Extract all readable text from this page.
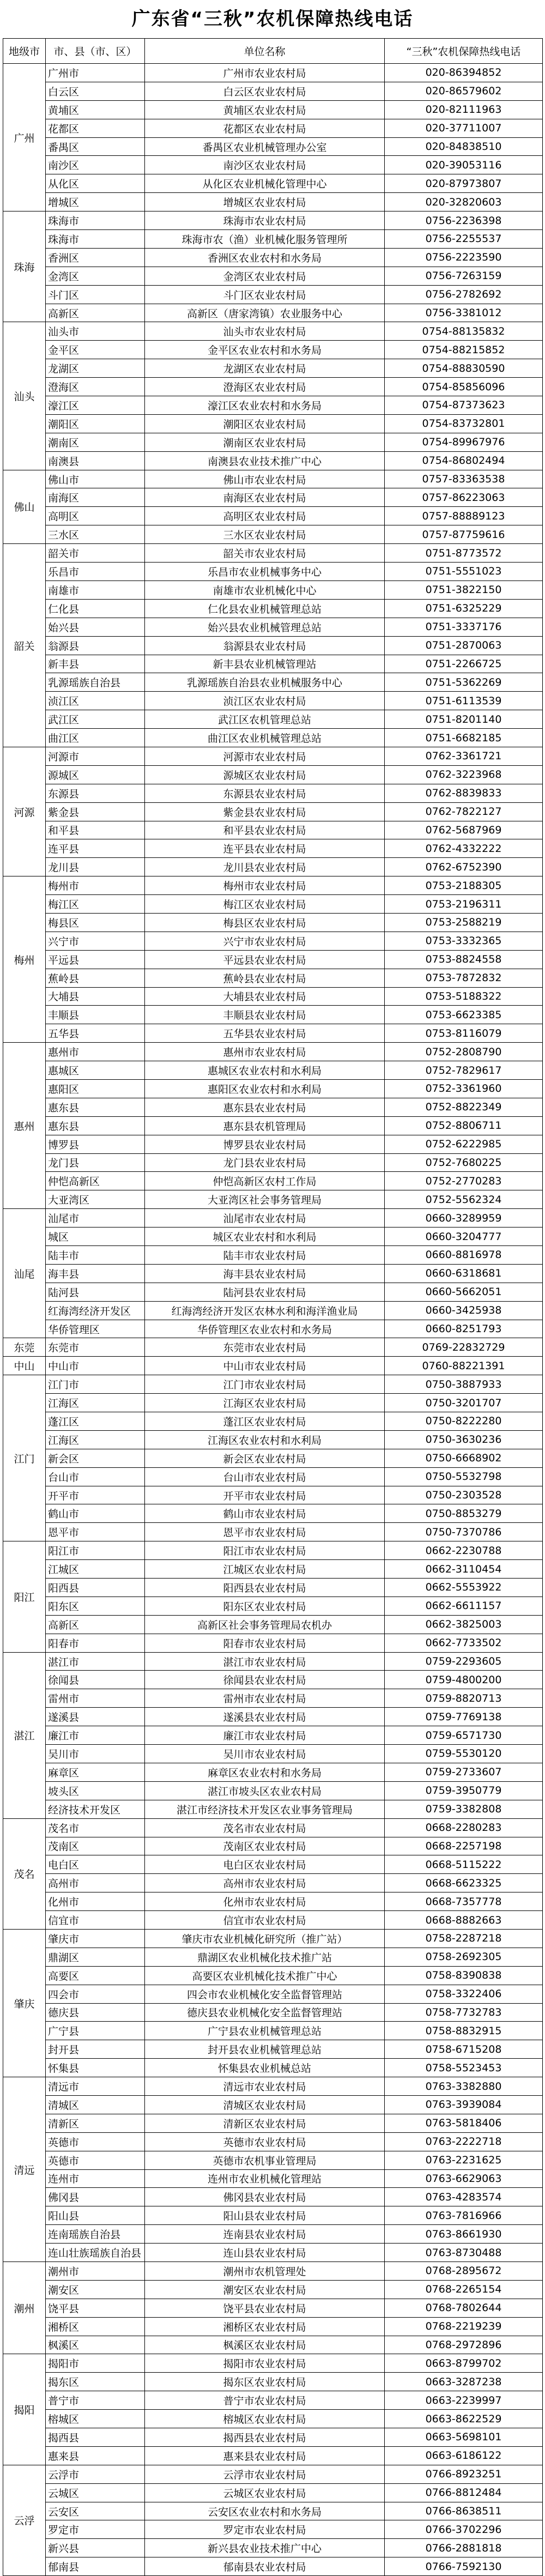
广东省“三秋”农机保障热线电话
地级市	市、县（市、区）	单位名称	“三秋”农机保障热线电话
广州	广州市	广州市农业农村局	020-86394852
	白云区	白云区农业农村局	020-86579602
	黄埔区	黄埔区农业农村局	020-82111963
	花都区	花都区农业农村局	020-37711007
	番禺区	番禺区农业机械管理办公室	020-84838510
	南沙区	南沙区农业农村局	020-39053116
	从化区	从化区农业机械化管理中心	020-87973807
	增城区	增城区农业农村局	020-32820603
珠海	珠海市	珠海市农业农村局	0756-2236398
	珠海市	珠海市农（渔）业机械化服务管理所	0756-2255537
	香洲区	香洲区农业农村和水务局	0756-2223590
	金湾区	金湾区农业农村局	0756-7263159
	斗门区	斗门区农业农村局	0756-2782692
	高新区	高新区（唐家湾镇）农业服务中心	0756-3381012
汕头	汕头市	汕头市农业农村局	0754-88135832
	金平区	金平区农业农村和水务局	0754-88215852
	龙湖区	龙湖区农业农村局	0754-88830590
	澄海区	澄海区农业农村局	0754-85856096
	濠江区	濠江区农业农村和水务局	0754-87373623
	潮阳区	潮阳区农业农村局	0754-83732801
	潮南区	潮南区农业农村局	0754-89967976
	南澳县	南澳县农业技术推广中心	0754-86802494
佛山	佛山市	佛山市农业农村局	0757-83363538
	南海区	南海区农业农村局	0757-86223063
	高明区	高明区农业农村局	0757-88889123
	三水区	三水区农业农村局	0757-87759616
韶关	韶关市	韶关市农业农村局	0751-8773572
	乐昌市	乐昌市农业机械事务中心	0751-5551023
	南雄市	南雄市农业机械化中心	0751-3822150
	仁化县	仁化县农业机械管理总站	0751-6325229
	始兴县	始兴县农业机械管理总站	0751-3337176
	翁源县	翁源县农业农村局	0751-2870063
	新丰县	新丰县农业机械管理站	0751-2266725
	乳源瑶族自治县	乳源瑶族自治县农业机械服务中心	0751-5362269
	浈江区	浈江区农业农村局	0751-6113539
	武江区	武江区农机管理总站	0751-8201140
	曲江区	曲江区农业机械管理总站	0751-6682185
河源	河源市	河源市农业农村局	0762-3361721
	源城区	源城区农业农村局	0762-3223968
	东源县	东源县农业农村局	0762-8839833
	紫金县	紫金县农业农村局	0762-7822127
	和平县	和平县农业农村局	0762-5687969
	连平县	连平县农业农村局	0762-4332222
	龙川县	龙川县农业农村局	0762-6752390
梅州	梅州市	梅州市农业农村局	0753-2188305
	梅江区	梅江区农业农村局	0753-2196311
	梅县区	梅县区农业农村局	0753-2588219
	兴宁市	兴宁市农业农村局	0753-3332365
	平远县	平远县农业农村局	0753-8824558
	蕉岭县	蕉岭县农业农村局	0753-7872832
	大埔县	大埔县农业农村局	0753-5188322
	丰顺县	丰顺县农业农村局	0753-6623385
	五华县	五华县农业农村局	0753-8116079
惠州	惠州市	惠州市农业农村局	0752-2808790
	惠城区	惠城区农业农村和水利局	0752-7829617
	惠阳区	惠阳区农业农村和水利局	0752-3361960
	惠东县	惠东县农业农村局	0752-8822349
	惠东县	惠东县农机管理局	0752-8806711
	博罗县	博罗县农业农村局	0752-6222985
	龙门县	龙门县农业农村局	0752-7680225
	仲恺高新区	仲恺高新区农村工作局	0752-2770283
	大亚湾区	大亚湾区社会事务管理局	0752-5562324
汕尾	汕尾市	汕尾市农业农村局	0660-3289959
	城区	城区农业农村和水利局	0660-3204777
	陆丰市	陆丰市农业农村局	0660-8816978
	海丰县	海丰县农业农村局	0660-6318681
	陆河县	陆河县农业农村局	0660-5662051
	红海湾经济开发区	红海湾经济开发区农林水利和海洋渔业局	0660-3425938
	华侨管理区	华侨管理区农业农村和水务局	0660-8251793
东莞	东莞市	东莞市农业农村局	0769-22832729
中山	中山市	中山市农业农村局	0760-88221391
江门	江门市	江门市农业农村局	0750-3887933
	江海区	江海区农业农村局	0750-3201707
	蓬江区	蓬江区农业农村局	0750-8222280
	江海区	江海区农业农村和水利局	0750-3630236
	新会区	新会区农业农村局	0750-6668902
	台山市	台山市农业农村局	0750-5532798
	开平市	开平市农业农村局	0750-2303528
	鹤山市	鹤山市农业农村局	0750-8853279
	恩平市	恩平市农业农村局	0750-7370786
阳江	阳江市	阳江市农业农村局	0662-2230788
	江城区	江城区农业农村局	0662-3110454
	阳西县	阳西县农业农村局	0662-5553922
	阳东区	阳东区农业农村局	0662-6611157
	高新区	高新区社会事务管理局农机办	0662-3825003
	阳春市	阳春市农业农村局	0662-7733502
湛江	湛江市	湛江市农业农村局	0759-2293605
	徐闻县	徐闻县农业农村局	0759-4800200
	雷州市	雷州市农业农村局	0759-8820713
	遂溪县	遂溪县农业农村局	0759-7769138
	廉江市	廉江市农业农村局	0759-6571730
	吴川市	吴川市农业农村局	0759-5530120
	麻章区	麻章区农业农村和水务局	0759-2733607
	坡头区	湛江市坡头区农业农村局	0759-3950779
	经济技术开发区	湛江市经济技术开发区农业事务管理局	0759-3382808
茂名	茂名市	茂名市农业农村局	0668-2280283
	茂南区	茂南区农业农村局	0668-2257198
	电白区	电白区农业农村局	0668-5115222
	高州市	高州市农业农村局	0668-6623325
	化州市	化州市农业农村局	0668-7357778
	信宜市	信宜市农业农村局	0668-8882663
肇庆	肇庆市	肇庆市农业机械化研究所（推广站）	0758-2287218
	鼎湖区	鼎湖区农业机械化技术推广站	0758-2692305
	高要区	高要区农业机械化技术推广中心	0758-8390838
	四会市	四会市农业机械化安全监督管理站	0758-3322406
	德庆县	德庆县农业机械化安全监督管理站	0758-7732783
	广宁县	广宁县农业机械管理总站	0758-8832915
	封开县	封开县农业机械管理总站	0758-6715208
	怀集县	怀集县农业机械总站	0758-5523453
清远	清远市	清远市农业农村局	0763-3382880
	清城区	清城区农业农村局	0763-3939084
	清新区	清新区农业农村局	0763-5818406
	英德市	英德市农业农村局	0763-2222718
	英德市	英德市农机事业管理局	0763-2231625
	连州市	连州市农业机械化管理站	0763-6629063
	佛冈县	佛冈县农业农村局	0763-4283574
	阳山县	阳山县农业农村局	0763-7816966
	连南瑶族自治县	连南县农业农村局	0763-8661930
	连山壮族瑶族自治县	连山县农业农村局	0763-8730488
潮州	潮州市	潮州市农机管理处	0768-2895672
	潮安区	潮安区农业农村局	0768-2265154
	饶平县	饶平县农业农村局	0768-7802644
	湘桥区	湘桥区农业农村局	0768-2219239
	枫溪区	枫溪区农业农村局	0768-2972896
揭阳	揭阳市	揭阳市农业农村局	0663-8799702
	揭东区	揭东区农业农村局	0663-3287238
	普宁市	普宁市农业农村局	0663-2239997
	榕城区	榕城区农业农村局	0663-8622529
	揭西县	揭西县农业农村局	0663-5698101
	惠来县	惠来县农业农村局	0663-6186122
云浮	云浮市	云浮市农业农村局	0766-8923251
	云城区	云城区农业农村局	0766-8812484
	云安区	云安区农业农村和水务局	0766-8638511
	罗定市	罗定市农业农村局	0766-3702296
	新兴县	新兴县农业技术推广中心	0766-2881818
	郁南县	郁南县农业农村局	0766-7592130
